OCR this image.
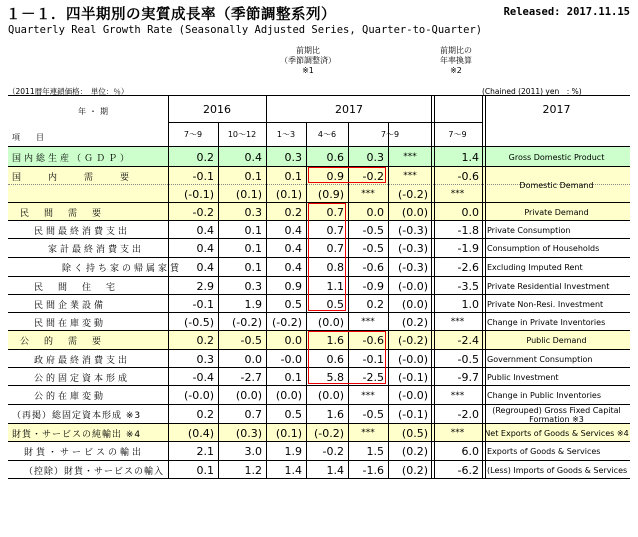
１－１．四半期別の実質成長率（季節調整系列）	Released: 2017.11.15
Quarterly Real Growth Rate (Seasonally Adjusted Series, Quarter-to-Quarter)
前期比
（季節調整済）
※1
前期比の
年率換算
※2
（2011暦年連鎖価格：　単位：％）	(Chained (2011) yen　: %)
年・期
項　　目
2016	2017	2017
7～9	10～12	1～3	4～6	7～9	7～9
国内総生産（ＧＤＰ）	0.2	0.4	0.3	0.6	0.3	***	1.4	Gross Domestic Product
国　　内　　需　　要	-0.1	0.1	0.1	0.9	-0.2	***	-0.6
Domestic Demand
(-0.1)	(0.1)	(0.1)	(0.9)	***	(-0.2)	***
民　間　需　要	-0.2	0.3	0.2	0.7	0.0	(0.0)	0.0	Private Demand
民間最終消費支出	0.4	0.1	0.4	0.7	-0.5	(-0.3)	-1.8	Private Consumption
家計最終消費支出	0.4	0.1	0.4	0.7	-0.5	(-0.3)	-1.9	Consumption of Households
除く持ち家の帰属家賃	0.4	0.1	0.4	0.8	-0.6	(-0.3)	-2.6	Excluding Imputed Rent
民　間　住　宅	2.9	0.3	0.9	1.1	-0.9	(-0.0)	-3.5	Private Residential Investment
民間企業設備	-0.1	1.9	0.5	0.5	0.2	(0.0)	1.0	Private Non-Resi. Investment
民間在庫変動	(-0.5)	(-0.2) (-0.2)	(0.0)	***	(0.2)	***	Change in Private Inventories
公　的　需　要	0.2	-0.5	0.0	1.6	-0.6	(-0.2)	-2.4	Public Demand
政府最終消費支出	0.3	0.0	-0.0	0.6	-0.1	(-0.0)	-0.5	Government Consumption
公的固定資本形成	-0.4	-2.7	0.1	5.8	-2.5	(-0.1)	-9.7	Public Investment
公的在庫変動	(-0.0)	(0.0)	(0.0)	(0.0)	***	(-0.0)	***	Change in Public Inventories
（再掲）総固定資本形成 ※3	0.2	0.7	0.5	1.6	-0.5	(-0.1)	-2.0	(Regrouped) Gross Fixed Capital Formation ※3
財貨・サービスの純輸出 ※4	(0.4)	(0.3)	(0.1)	(-0.2)	***	(0.5)	***	Net Exports of Goods & Services ※4
財貨・サービスの輸出	2.1	3.0	1.9	-0.2	1.5	(0.2)	6.0	Exports of Goods & Services
（控除）財貨・サービスの輸入	0.1	1.2	1.4	1.4	-1.6	(0.2)	-6.2	(Less) Imports of Goods & Services
